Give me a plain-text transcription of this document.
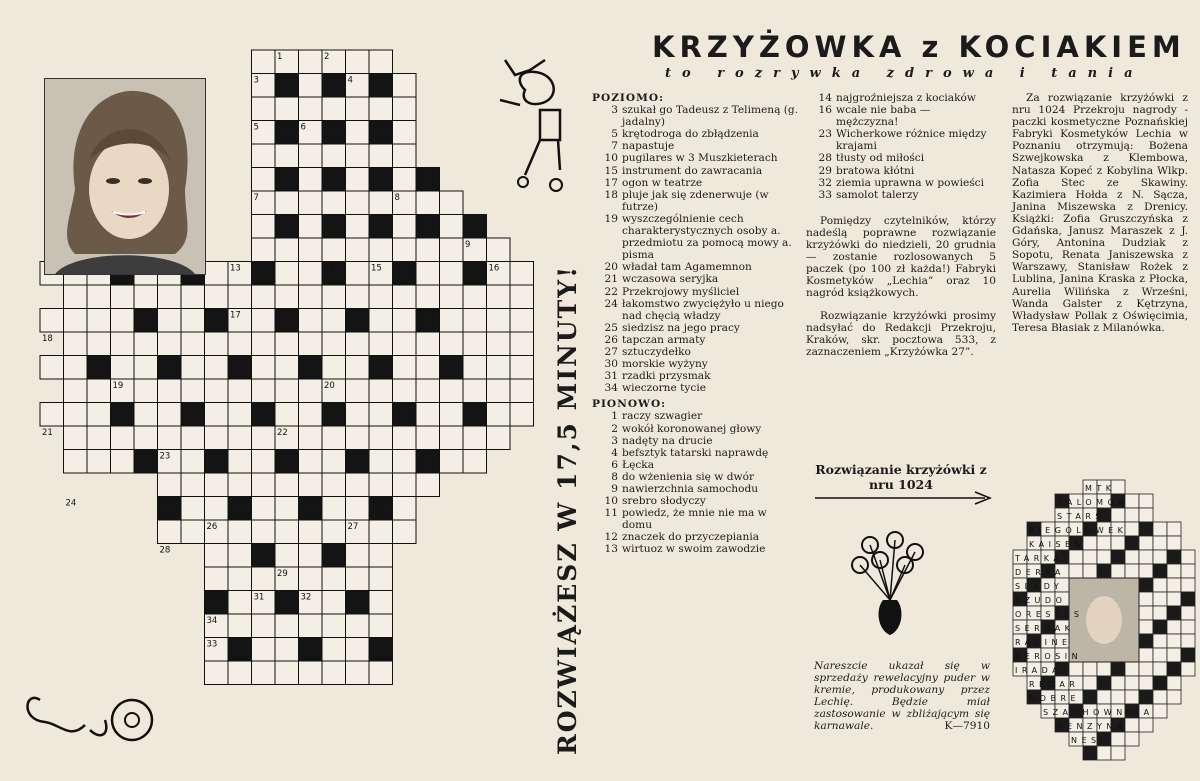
1	2
3	4
5	6
7	8
9
13	14	15	16
17
18
19	20
21	22
23
24	25
26	27
28
29
30	31	32
33
34
MTK
SALOMON
STARS
PIEGOLOWEK
KAISES
TARKA
DERKA
SLADY
SZUDO
ORESTES
SERDAK
RACINE
KEROSIN
IRADA
REGAR
DOBRE
SZACHOWNICA
BENZYNA
NES
KRZYŻOWKA z KOCIAKIEM
to rozrywka zdrowa i tania
ROZWIĄŻESZ W 17,5 MINUTY!
POZIOMO:
3 szukał go Tadeusz z Telimeną (g. jadalny)
5 krętodroga do zbłądzenia
7 napastuje
10 pugilares w 3 Muszkieterach
15 instrument do zawracania
17 ogon w teatrze
18 pluje jak się zdenerwuje (w futrze)
19 wyszczególnienie cech charakterystycznych osoby a. przedmiotu za pomocą mowy a. pisma
20 władał tam Agamemnon
21 wczasowa seryjka
22 Przekrojowy myśliciel
24 łakomstwo zwyciężyło u niego nad chęcią władzy
25 siedzisz na jego pracy
26 tapczan armaty
27 sztuczydełko
30 morskie wyżyny
31 rzadki przysmak
34 wieczorne tycie
PIONOWO:
1 raczy szwagier
2 wokół koronowanej głowy
3 nadęty na drucie
4 befsztyk tatarski naprawdę
6 Łęcka
8 do wżenienia się w dwór
9 nawierzchnia samochodu
10 srebro słodyczy
11 powiedz, że mnie nie ma w domu
12 znaczek do przyczepiania
13 wirtuoz w swoim zawodzie
14 najgroźniejsza z kociaków
16 wcale nie baba — mężczyzna!
23 Wicherkowe różnice między krajami
28 tłusty od miłości
29 bratowa kłótni
32 ziemia uprawna w powieści
33 samolot talerzy
Pomiędzy czytelników, którzy nadeślą poprawne rozwiązanie krzyżówki do niedzieli, 20 grudnia — zostanie rozlosowanych 5 paczek (po 100 zł każda!) Fabryki Kosmetyków „Lechia” oraz 10 nagród książkowych.
Rozwiązanie krzyżówki prosimy nadsyłać do Redakcji Przekroju, Kraków, skr. pocztowa 533, z zaznaczeniem „Krzyżówka 27”.
Za rozwiązanie krzyżówki z nru 1024 Przekroju nagrody - paczki kosmetyczne Poznańskiej Fabryki Kosmetyków Lechia w Poznaniu otrzymują: Bożena Szwejkowska z Klembowa, Natasza Kopeć z Kobylina Wlkp. Zofia Stec ze Skawiny. Kazimiera Hołda z N. Sącza, Janina Miszewska z Drenicy. Książki: Zofia Gruszczyńska z Gdańska, Janusz Maraszek z J. Góry, Antonina Dudziak z Sopotu, Renata Janiszewska z Warszawy, Stanisław Rożek z Lublina, Janina Kraska z Płocka, Aurelia Wilińska z Wrześni, Wanda Galster z Kętrzyna, Władysław Pollak z Oświęcimia, Teresa Błasiak z Milanówka.
Rozwiązanie krzyżówki z nru 1024
Nareszcie ukazał się w sprzedaży rewelacyjny puder w kremie, produkowany przez Lechię. Będzie miał zastosowanie w zbliżającym się karnawale.	K—7910
